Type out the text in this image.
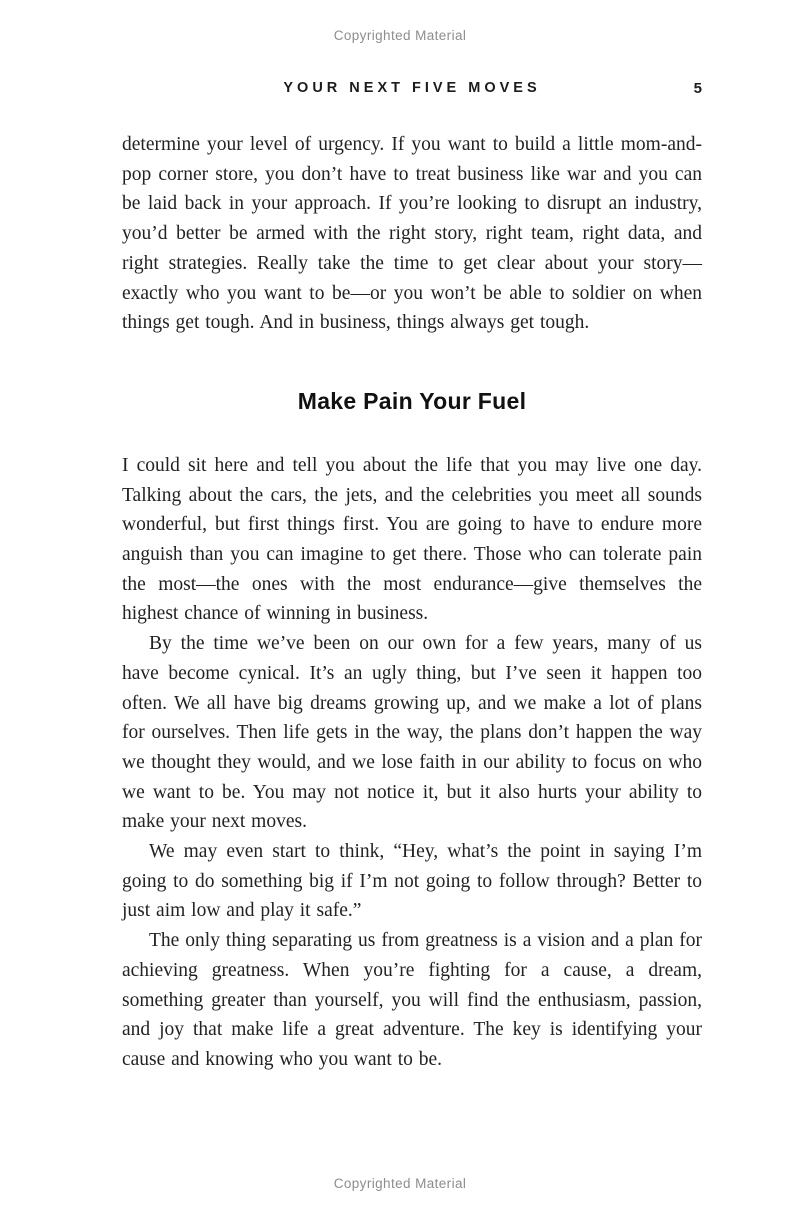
Copyrighted Material
YOUR NEXT FIVE MOVES	5

determine your level of urgency. If you want to build a little mom-and-pop corner store, you don’t have to treat business like war and you can be laid back in your approach. If you’re looking to disrupt an industry, you’d better be armed with the right story, right team, right data, and right strategies. Really take the time to get clear about your story—exactly who you want to be—or you won’t be able to soldier on when things get tough. And in business, things always get tough.

Make Pain Your Fuel

I could sit here and tell you about the life that you may live one day. Talking about the cars, the jets, and the celebrities you meet all sounds wonderful, but first things first. You are going to have to endure more anguish than you can imagine to get there. Those who can tolerate pain the most—the ones with the most endurance—give themselves the highest chance of winning in business.

By the time we’ve been on our own for a few years, many of us have become cynical. It’s an ugly thing, but I’ve seen it happen too often. We all have big dreams growing up, and we make a lot of plans for ourselves. Then life gets in the way, the plans don’t happen the way we thought they would, and we lose faith in our ability to focus on who we want to be. You may not notice it, but it also hurts your ability to make your next moves.

We may even start to think, “Hey, what’s the point in saying I’m going to do something big if I’m not going to follow through? Better to just aim low and play it safe.”

The only thing separating us from greatness is a vision and a plan for achieving greatness. When you’re fighting for a cause, a dream, something greater than yourself, you will find the enthusiasm, passion, and joy that make life a great adventure. The key is identifying your cause and knowing who you want to be.

Copyrighted Material
